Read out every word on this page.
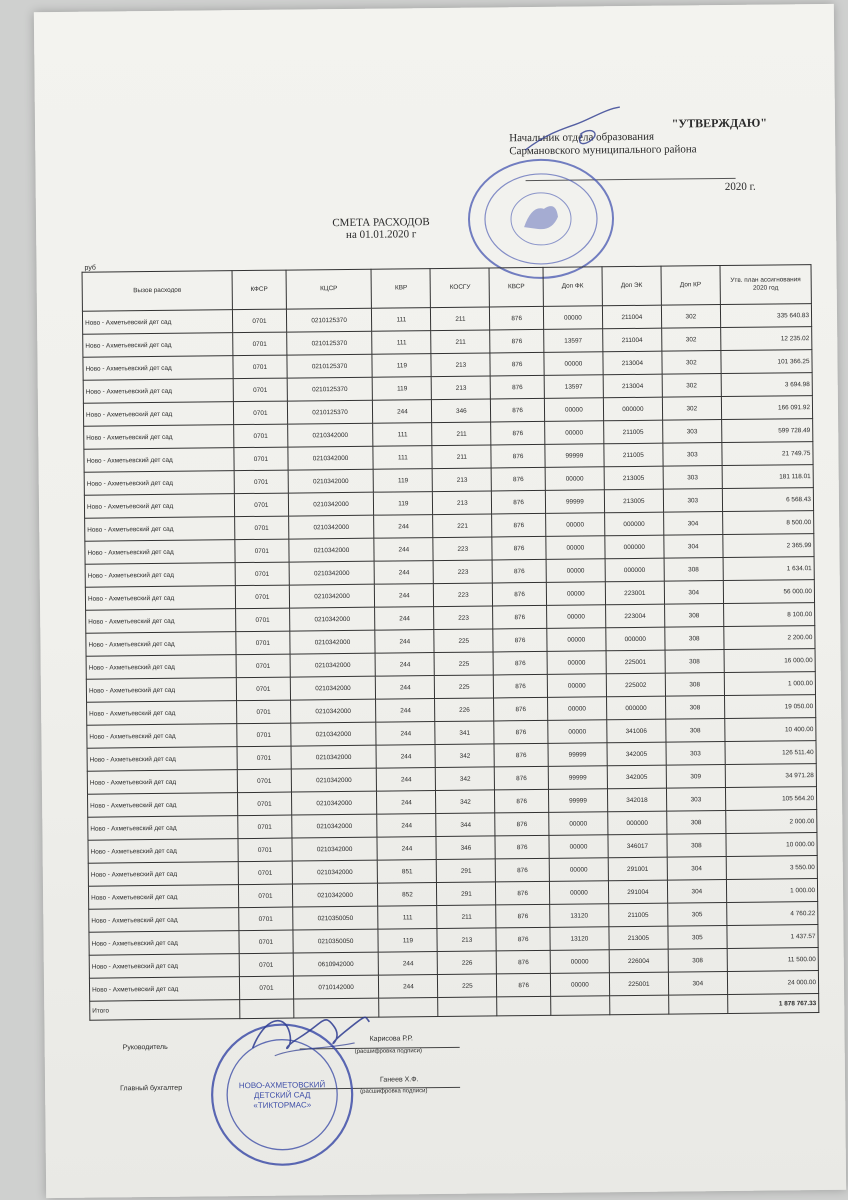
"УТВЕРЖДАЮ"
Начальник отдела образования
Сармановского муниципального района
2020 г.
СМЕТА РАСХОДОВ
на 01.01.2020 г
руб
Вызов расходов	КФСР	КЦСР	КВР	КОСГУ	КВСР	Доп ФК	Доп ЭК	Доп КР	Утв. план ассигнования 2020 год
Ново - Ахметьевский дет сад	0701	0210125370	111	211	876	00000	211004	302	335 640.83
Ново - Ахметьевский дет сад	0701	0210125370	111	211	876	13597	211004	302	12 235.02
Ново - Ахметьевский дет сад	0701	0210125370	119	213	876	00000	213004	302	101 366.25
Ново - Ахметьевский дет сад	0701	0210125370	119	213	876	13597	213004	302	3 694.98
Ново - Ахметьевский дет сад	0701	0210125370	244	346	876	00000	000000	302	166 091.92
Ново - Ахметьевский дет сад	0701	0210342000	111	211	876	00000	211005	303	599 728.49
Ново - Ахметьевский дет сад	0701	0210342000	111	211	876	99999	211005	303	21 749.75
Ново - Ахметьевский дет сад	0701	0210342000	119	213	876	00000	213005	303	181 118.01
Ново - Ахметьевский дет сад	0701	0210342000	119	213	876	99999	213005	303	6 568.43
Ново - Ахметьевский дет сад	0701	0210342000	244	221	876	00000	000000	304	8 500.00
Ново - Ахметьевский дет сад	0701	0210342000	244	223	876	00000	000000	304	2 365.99
Ново - Ахметьевский дет сад	0701	0210342000	244	223	876	00000	000000	308	1 634.01
Ново - Ахметьевский дет сад	0701	0210342000	244	223	876	00000	223001	304	56 000.00
Ново - Ахметьевский дет сад	0701	0210342000	244	223	876	00000	223004	308	8 100.00
Ново - Ахметьевский дет сад	0701	0210342000	244	225	876	00000	000000	308	2 200.00
Ново - Ахметьевский дет сад	0701	0210342000	244	225	876	00000	225001	308	16 000.00
Ново - Ахметьевский дет сад	0701	0210342000	244	225	876	00000	225002	308	1 000.00
Ново - Ахметьевский дет сад	0701	0210342000	244	226	876	00000	000000	308	19 050.00
Ново - Ахметьевский дет сад	0701	0210342000	244	341	876	00000	341006	308	10 400.00
Ново - Ахметьевский дет сад	0701	0210342000	244	342	876	99999	342005	303	126 511.40
Ново - Ахметьевский дет сад	0701	0210342000	244	342	876	99999	342005	309	34 971.28
Ново - Ахметьевский дет сад	0701	0210342000	244	342	876	99999	342018	303	105 564.20
Ново - Ахметьевский дет сад	0701	0210342000	244	344	876	00000	000000	308	2 000.00
Ново - Ахметьевский дет сад	0701	0210342000	244	346	876	00000	346017	308	10 000.00
Ново - Ахметьевский дет сад	0701	0210342000	851	291	876	00000	291001	304	3 550.00
Ново - Ахметьевский дет сад	0701	0210342000	852	291	876	00000	291004	304	1 000.00
Ново - Ахметьевский дет сад	0701	0210350050	111	211	876	13120	211005	305	4 760.22
Ново - Ахметьевский дет сад	0701	0210350050	119	213	876	13120	213005	305	1 437.57
Ново - Ахметьевский дет сад	0701	0610942000	244	226	876	00000	226004	308	11 500.00
Ново - Ахметьевский дет сад	0701	0710142000	244	225	876	00000	225001	304	24 000.00
Итого									1 878 767.33
Руководитель
Карисова Р.Р.
(расшифровка подписи)
Главный бухгалтер
Ганеев Х.Ф.
(расшифровка подписи)
НОВО-АХМЕТОВСКИЙ
ДЕТСКИЙ САД
«ТИКТОРМАС»
